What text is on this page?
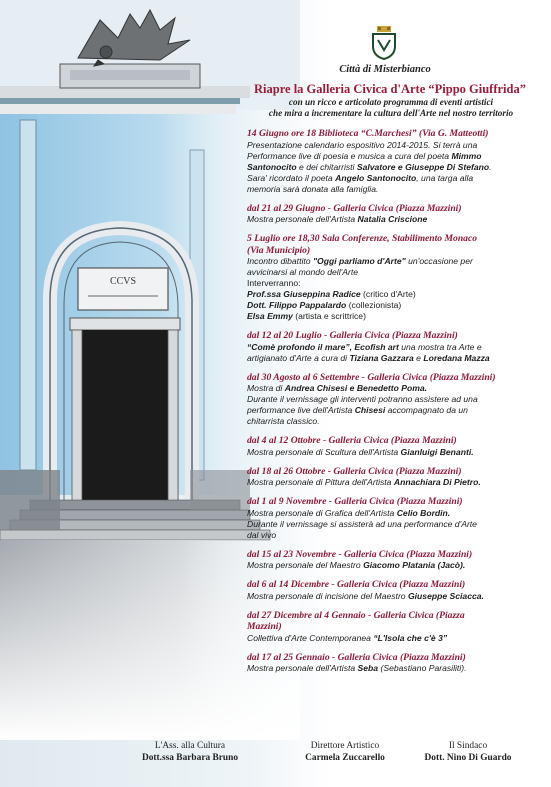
CCVS
Città di Misterbianco
Riapre la Galleria Civica d'Arte “Pippo Giuffrida”
con un ricco e articolato programma di eventi artistici
che mira a incrementare la cultura dell'Arte nel nostro territorio
14 Giugno ore 18 Biblioteca “C.Marchesi” (Via G. Matteotti)
Presentazione calendario espositivo 2014-2015. Si terrà una
Performance live di poesia e musica a cura del poeta Mimmo
Santonocito e dei chitarristi Salvatore e Giuseppe Di Stefano.
Sara' ricordato il poeta Angelo Santonocito, una targa alla
memoria sarà donata alla famiglia.
dal 21 al 29 Giugno - Galleria Civica (Piazza Mazzini)
Mostra personale dell'Artista Natalia Criscione
5 Luglio ore 18,30 Sala Conferenze, Stabilimento Monaco
(Via Municipio)
Incontro dibattito "Oggi parliamo d'Arte" un'occasione per
avvicinarsi al mondo dell'Arte
Interverranno:
Prof.ssa Giuseppina Radice (critico d'Arte)
Dott. Filippo Pappalardo (collezionista)
Elsa Emmy (artista e scrittrice)
dal 12 al 20 Luglio - Galleria Civica (Piazza Mazzini)
“Comè profondo il mare”, Ecofish art una mostra tra Arte e
artigianato d'Arte a cura di Tiziana Gazzara e Loredana Mazza
dal 30 Agosto al 6 Settembre - Galleria Civica (Piazza Mazzini)
Mostra di Andrea Chisesi e Benedetto Poma.
Durante il vernissage gli interventi potranno assistere ad una
performance live dell'Artista Chisesi accompagnato da un
chitarrista classico.
dal 4 al 12 Ottobre - Galleria Civica (Piazza Mazzini)
Mostra personale di Scultura dell'Artista Gianluigi Benanti.
dal 18 al 26 Ottobre - Galleria Civica (Piazza Mazzini)
Mostra personale di Pittura dell'Artista Annachiara Di Pietro.
dal 1 al 9 Novembre - Galleria Civica (Piazza Mazzini)
Mostra personale di Grafica dell'Artista Celio Bordin.
Durante il vernissage si assisterà ad una performance d'Arte
dal vivo
dal 15 al 23 Novembre - Galleria Civica (Piazza Mazzini)
Mostra personale del Maestro Giacomo Platania (Jacò).
dal 6 al 14 Dicembre - Galleria Civica (Piazza Mazzini)
Mostra personale di incisione del Maestro Giuseppe Sciacca.
dal 27 Dicembre al 4 Gennaio - Galleria Civica (Piazza
Mazzini)
Collettiva d'Arte Contemporanea “L'Isola che c'è 3”
dal 17 al 25 Gennaio - Galleria Civica (Piazza Mazzini)
Mostra personale dell'Artista Seba (Sebastiano Parasiliti).
L'Ass. alla Cultura
Dott.ssa Barbara Bruno
Direttore Artistico
Carmela Zuccarello
Il Sindaco
Dott. Nino Di Guardo
